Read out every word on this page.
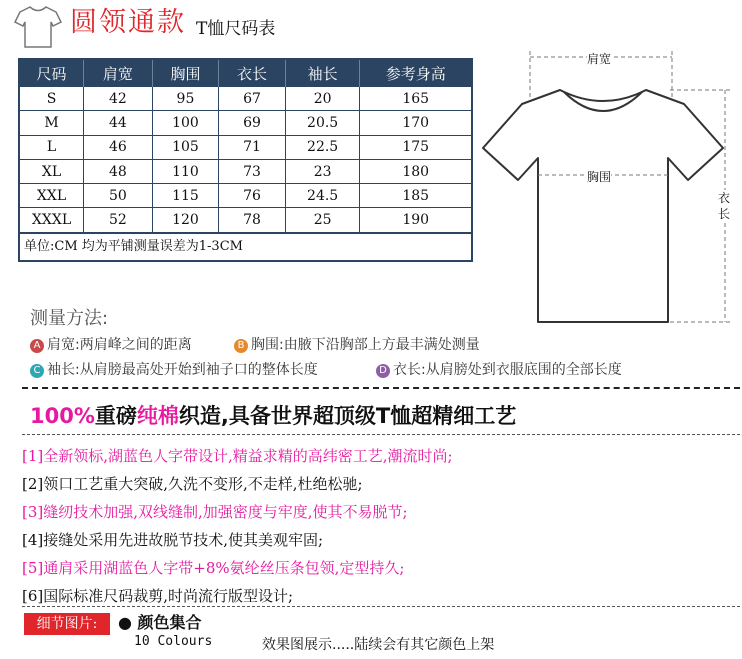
圆领通款 T恤尺码表
尺码	肩宽	胸围	衣长	袖长	参考身高
S	42	95	67	20	165
M	44	100	69	20.5	170
L	46	105	71	22.5	175
XL	48	110	73	23	180
XXL	50	115	76	24.5	185
XXXL	52	120	78	25	190
单位:CM 均为平铺测量误差为1-3CM
肩宽
胸围
衣长
测量方法:
A 肩宽:两肩峰之间的距离	B 胸围:由腋下沿胸部上方最丰满处测量
C 袖长:从肩膀最高处开始到袖子口的整体长度	D 衣长:从肩膀处到衣服底围的全部长度
100%重磅纯棉织造,具备世界超顶级T恤超精细工艺
[1]全新领标,湖蓝色人字带设计,精益求精的高纬密工艺,潮流时尚;
[2]领口工艺重大突破,久洗不变形,不走样,杜绝松驰;
[3]缝纫技术加强,双线缝制,加强密度与牢度,使其不易脱节;
[4]接缝处采用先进故脱节技术,使其美观牢固;
[5]通肩采用湖蓝色人字带+8%氨纶丝压条包领,定型持久;
[6]国际标准尺码裁剪,时尚流行版型设计;
细节图片:	● 颜色集合
10 Colours	效果图展示.....陆续会有其它颜色上架
